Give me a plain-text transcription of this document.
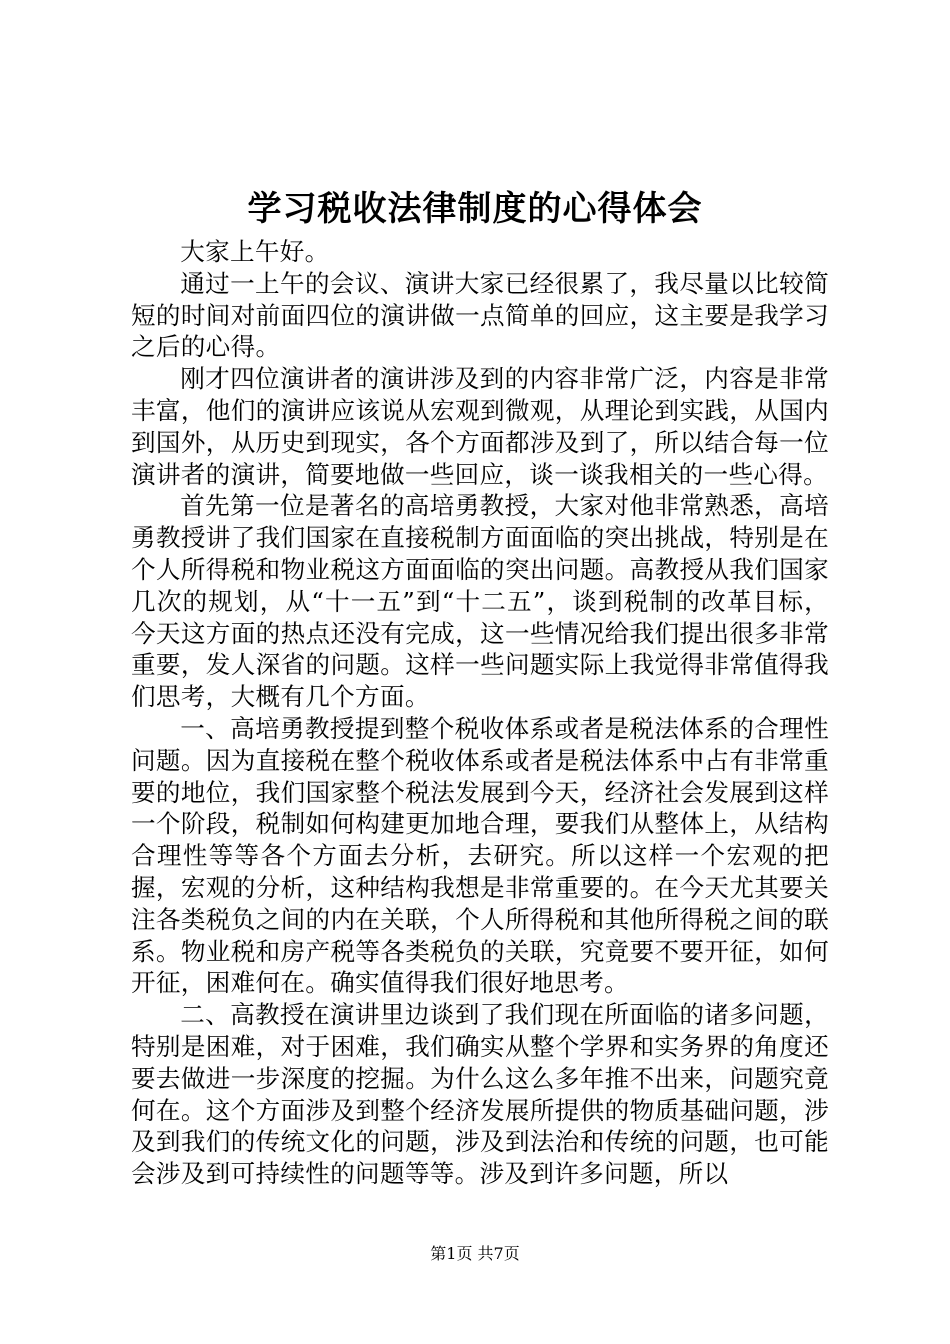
学习税收法律制度的心得体会

大家上午好。

通过一上午的会议、演讲大家已经很累了，我尽量以比较简短的时间对前面四位的演讲做一点简单的回应，这主要是我学习之后的心得。

刚才四位演讲者的演讲涉及到的内容非常广泛，内容是非常丰富，他们的演讲应该说从宏观到微观，从理论到实践，从国内到国外，从历史到现实，各个方面都涉及到了，所以结合每一位演讲者的演讲，简要地做一些回应，谈一谈我相关的一些心得。

首先第一位是著名的高培勇教授，大家对他非常熟悉，高培勇教授讲了我们国家在直接税制方面面临的突出挑战，特别是在个人所得税和物业税这方面面临的突出问题。高教授从我们国家几次的规划，从“十一五”到“十二五”，谈到税制的改革目标，今天这方面的热点还没有完成，这一些情况给我们提出很多非常重要，发人深省的问题。这样一些问题实际上我觉得非常值得我们思考，大概有几个方面。

一、高培勇教授提到整个税收体系或者是税法体系的合理性问题。因为直接税在整个税收体系或者是税法体系中占有非常重要的地位，我们国家整个税法发展到今天，经济社会发展到这样一个阶段，税制如何构建更加地合理，要我们从整体上，从结构合理性等等各个方面去分析，去研究。所以这样一个宏观的把握，宏观的分析，这种结构我想是非常重要的。在今天尤其要关注各类税负之间的内在关联，个人所得税和其他所得税之间的联系。物业税和房产税等各类税负的关联，究竟要不要开征，如何开征，困难何在。确实值得我们很好地思考。

二、高教授在演讲里边谈到了我们现在所面临的诸多问题，特别是困难，对于困难，我们确实从整个学界和实务界的角度还要去做进一步深度的挖掘。为什么这么多年推不出来，问题究竟何在。这个方面涉及到整个经济发展所提供的物质基础问题，涉及到我们的传统文化的问题，涉及到法治和传统的问题，也可能会涉及到可持续性的问题等等。涉及到许多问题，所以

第1页 共7页
